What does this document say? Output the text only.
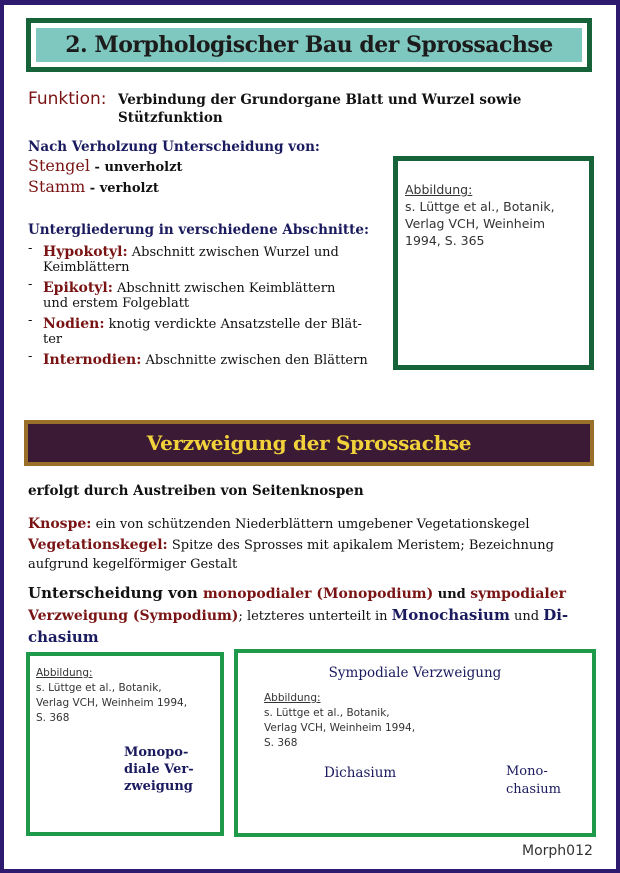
2. Morphologischer Bau der Sprossachse
Funktion: Verbindung der Grundorgane Blatt und Wurzel sowie
Stützfunktion
Nach Verholzung Unterscheidung von:
Stengel - unverholzt
Stamm - verholzt
Untergliederung in verschiedene Abschnitte:
- Hypokotyl: Abschnitt zwischen Wurzel und
Keimblättern
- Epikotyl: Abschnitt zwischen Keimblättern
und erstem Folgeblatt
- Nodien: knotig verdickte Ansatzstelle der Blät-
ter
- Internodien: Abschnitte zwischen den Blättern
Abbildung:
s. Lüttge et al., Botanik,
Verlag VCH, Weinheim
1994, S. 365
Verzweigung der Sprossachse
erfolgt durch Austreiben von Seitenknospen
Knospe: ein von schützenden Niederblättern umgebener Vegetationskegel
Vegetationskegel: Spitze des Sprosses mit apikalem Meristem; Bezeichnung
aufgrund kegelförmiger Gestalt
Unterscheidung von monopodialer (Monopodium) und sympodialer
Verzweigung (Sympodium); letzteres unterteilt in Monochasium und Di-
chasium
Abbildung:
s. Lüttge et al., Botanik,
Verlag VCH, Weinheim 1994,
S. 368
Monopo-
diale Ver-
zweigung
Sympodiale Verzweigung
Abbildung:
s. Lüttge et al., Botanik,
Verlag VCH, Weinheim 1994,
S. 368
Dichasium	Mono-
chasium
Morph012
